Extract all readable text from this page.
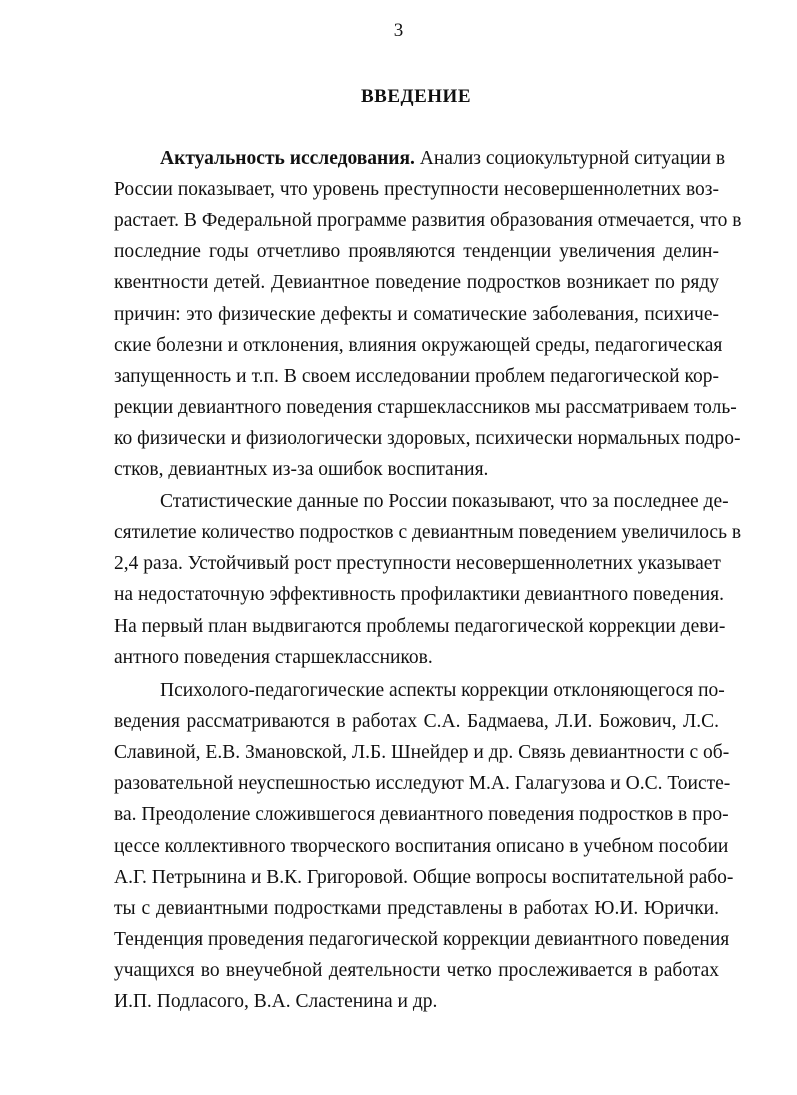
3
ВВЕДЕНИЕ
Актуальность исследования. Анализ социокультурной ситуации в
России показывает, что уровень преступности несовершеннолетних воз-
растает. В Федеральной программе развития образования отмечается, что в
последние годы отчетливо проявляются тенденции увеличения делин-
квентности детей. Девиантное поведение подростков возникает по ряду
причин: это физические дефекты и соматические заболевания, психиче-
ские болезни и отклонения, влияния окружающей среды, педагогическая
запущенность и т.п. В своем исследовании проблем педагогической кор-
рекции девиантного поведения старшеклассников мы рассматриваем толь-
ко физически и физиологически здоровых, психически нормальных подро-
стков, девиантных из-за ошибок воспитания.
Статистические данные по России показывают, что за последнее де-
сятилетие количество подростков с девиантным поведением увеличилось в
2,4 раза. Устойчивый рост преступности несовершеннолетних указывает
на недостаточную эффективность профилактики девиантного поведения.
На первый план выдвигаются проблемы педагогической коррекции деви-
антного поведения старшеклассников.
Психолого-педагогические аспекты коррекции отклоняющегося по-
ведения рассматриваются в работах С.А. Бадмаева, Л.И. Божович, Л.С.
Славиной, Е.В. Змановской, Л.Б. Шнейдер и др. Связь девиантности с об-
разовательной неуспешностью исследуют М.А. Галагузова и О.С. Тоисте-
ва. Преодоление сложившегося девиантного поведения подростков в про-
цессе коллективного творческого воспитания описано в учебном пособии
А.Г. Петрынина и В.К. Григоровой. Общие вопросы воспитательной рабо-
ты с девиантными подростками представлены в работах Ю.И. Юрички.
Тенденция проведения педагогической коррекции девиантного поведения
учащихся во внеучебной деятельности четко прослеживается в работах
И.П. Подласого, В.А. Сластенина и др.
